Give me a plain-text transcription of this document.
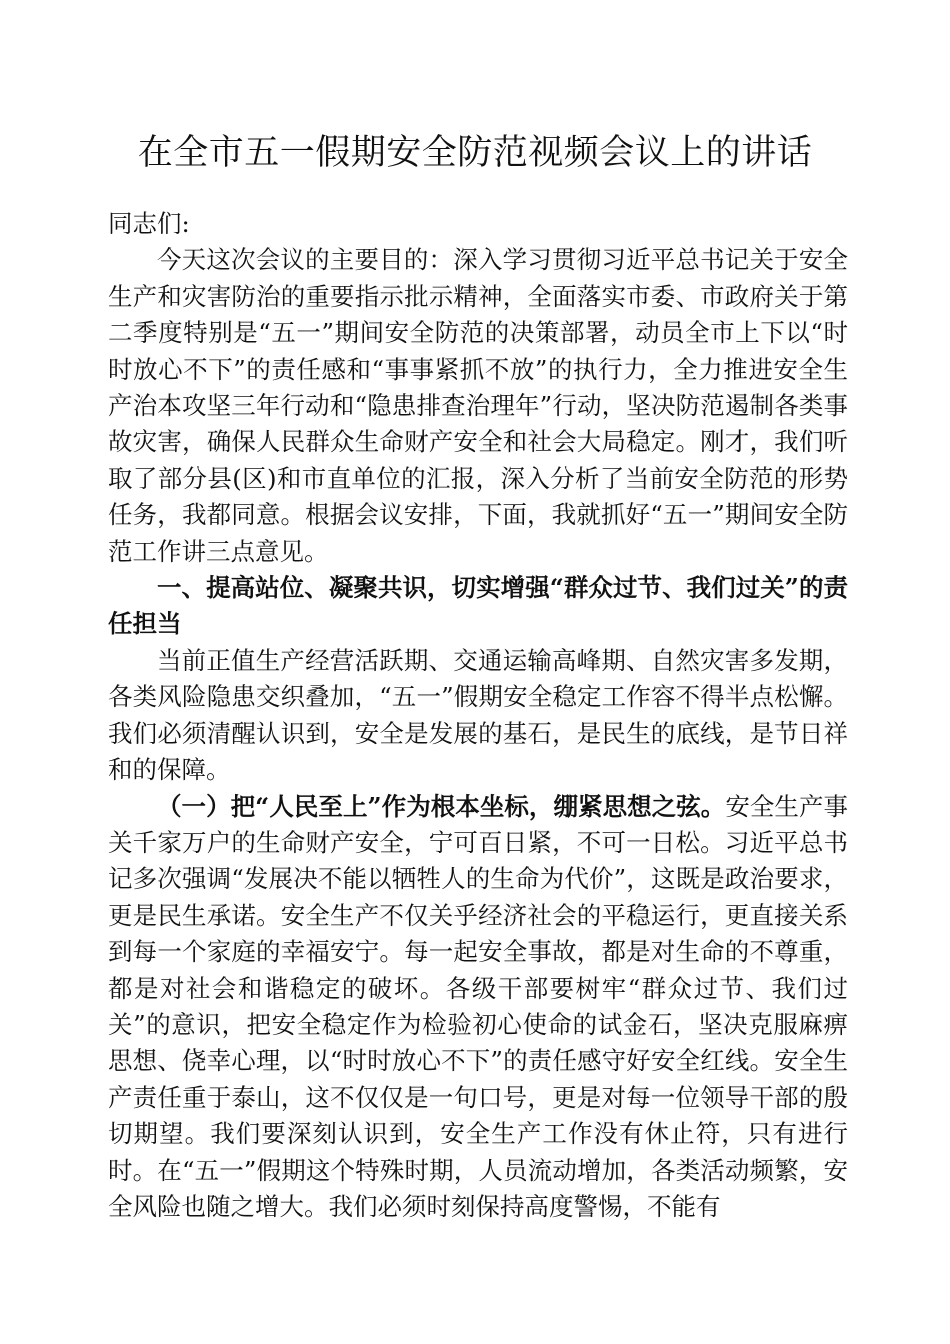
在全市五一假期安全防范视频会议上的讲话

同志们:

今天这次会议的主要目的：深入学习贯彻习近平总书记关于安全生产和灾害防治的重要指示批示精神，全面落实市委、市政府关于第二季度特别是“五一”期间安全防范的决策部署，动员全市上下以“时时放心不下”的责任感和“事事紧抓不放”的执行力，全力推进安全生产治本攻坚三年行动和“隐患排查治理年”行动，坚决防范遏制各类事故灾害，确保人民群众生命财产安全和社会大局稳定。刚才，我们听取了部分县(区)和市直单位的汇报，深入分析了当前安全防范的形势任务，我都同意。根据会议安排，下面，我就抓好“五一”期间安全防范工作讲三点意见。

一、提高站位、凝聚共识，切实增强“群众过节、我们过关”的责任担当

当前正值生产经营活跃期、交通运输高峰期、自然灾害多发期，各类风险隐患交织叠加，“五一”假期安全稳定工作容不得半点松懈。我们必须清醒认识到，安全是发展的基石，是民生的底线，是节日祥和的保障。

（一）把“人民至上”作为根本坐标，绷紧思想之弦。安全生产事关千家万户的生命财产安全，宁可百日紧，不可一日松。习近平总书记多次强调“发展决不能以牺牲人的生命为代价”，这既是政治要求，更是民生承诺。安全生产不仅关乎经济社会的平稳运行，更直接关系到每一个家庭的幸福安宁。每一起安全事故，都是对生命的不尊重，都是对社会和谐稳定的破坏。各级干部要树牢“群众过节、我们过关”的意识，把安全稳定作为检验初心使命的试金石，坚决克服麻痹思想、侥幸心理，以“时时放心不下”的责任感守好安全红线。安全生产责任重于泰山，这不仅仅是一句口号，更是对每一位领导干部的殷切期望。我们要深刻认识到，安全生产工作没有休止符，只有进行时。在“五一”假期这个特殊时期，人员流动增加，各类活动频繁，安全风险也随之增大。我们必须时刻保持高度警惕，不能有
